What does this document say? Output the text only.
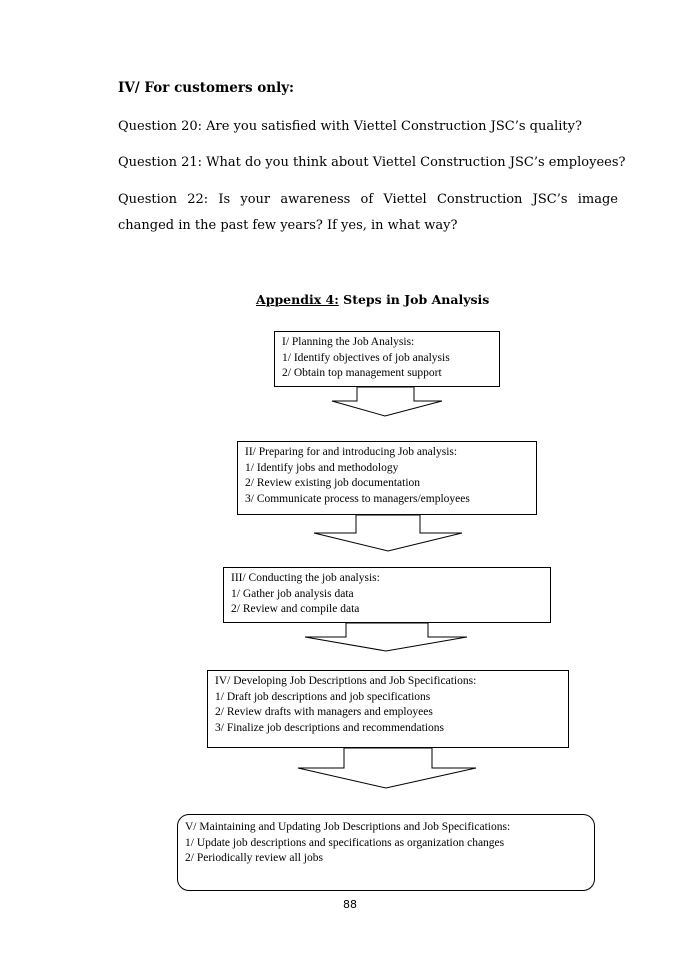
IV/ For customers only:
Question 20: Are you satisfied with Viettel Construction JSC’s quality?
Question 21: What do you think about Viettel Construction JSC’s employees?
Question 22: Is your awareness of Viettel Construction JSC’s image changed in the past few years? If yes, in what way?
Appendix 4: Steps in Job Analysis
I/ Planning the Job Analysis:
1/ Identify objectives of job analysis
2/ Obtain top management support
II/ Preparing for and introducing Job analysis:
1/ Identify jobs and methodology
2/ Review existing job documentation
3/ Communicate process to managers/employees
III/ Conducting the job analysis:
1/ Gather job analysis data
2/ Review and compile data
IV/ Developing Job Descriptions and Job Specifications:
1/ Draft job descriptions and job specifications
2/ Review drafts with managers and employees
3/ Finalize job descriptions and recommendations
V/ Maintaining and Updating Job Descriptions and Job Specifications:
1/ Update job descriptions and specifications as organization changes
2/ Periodically review all jobs
88
